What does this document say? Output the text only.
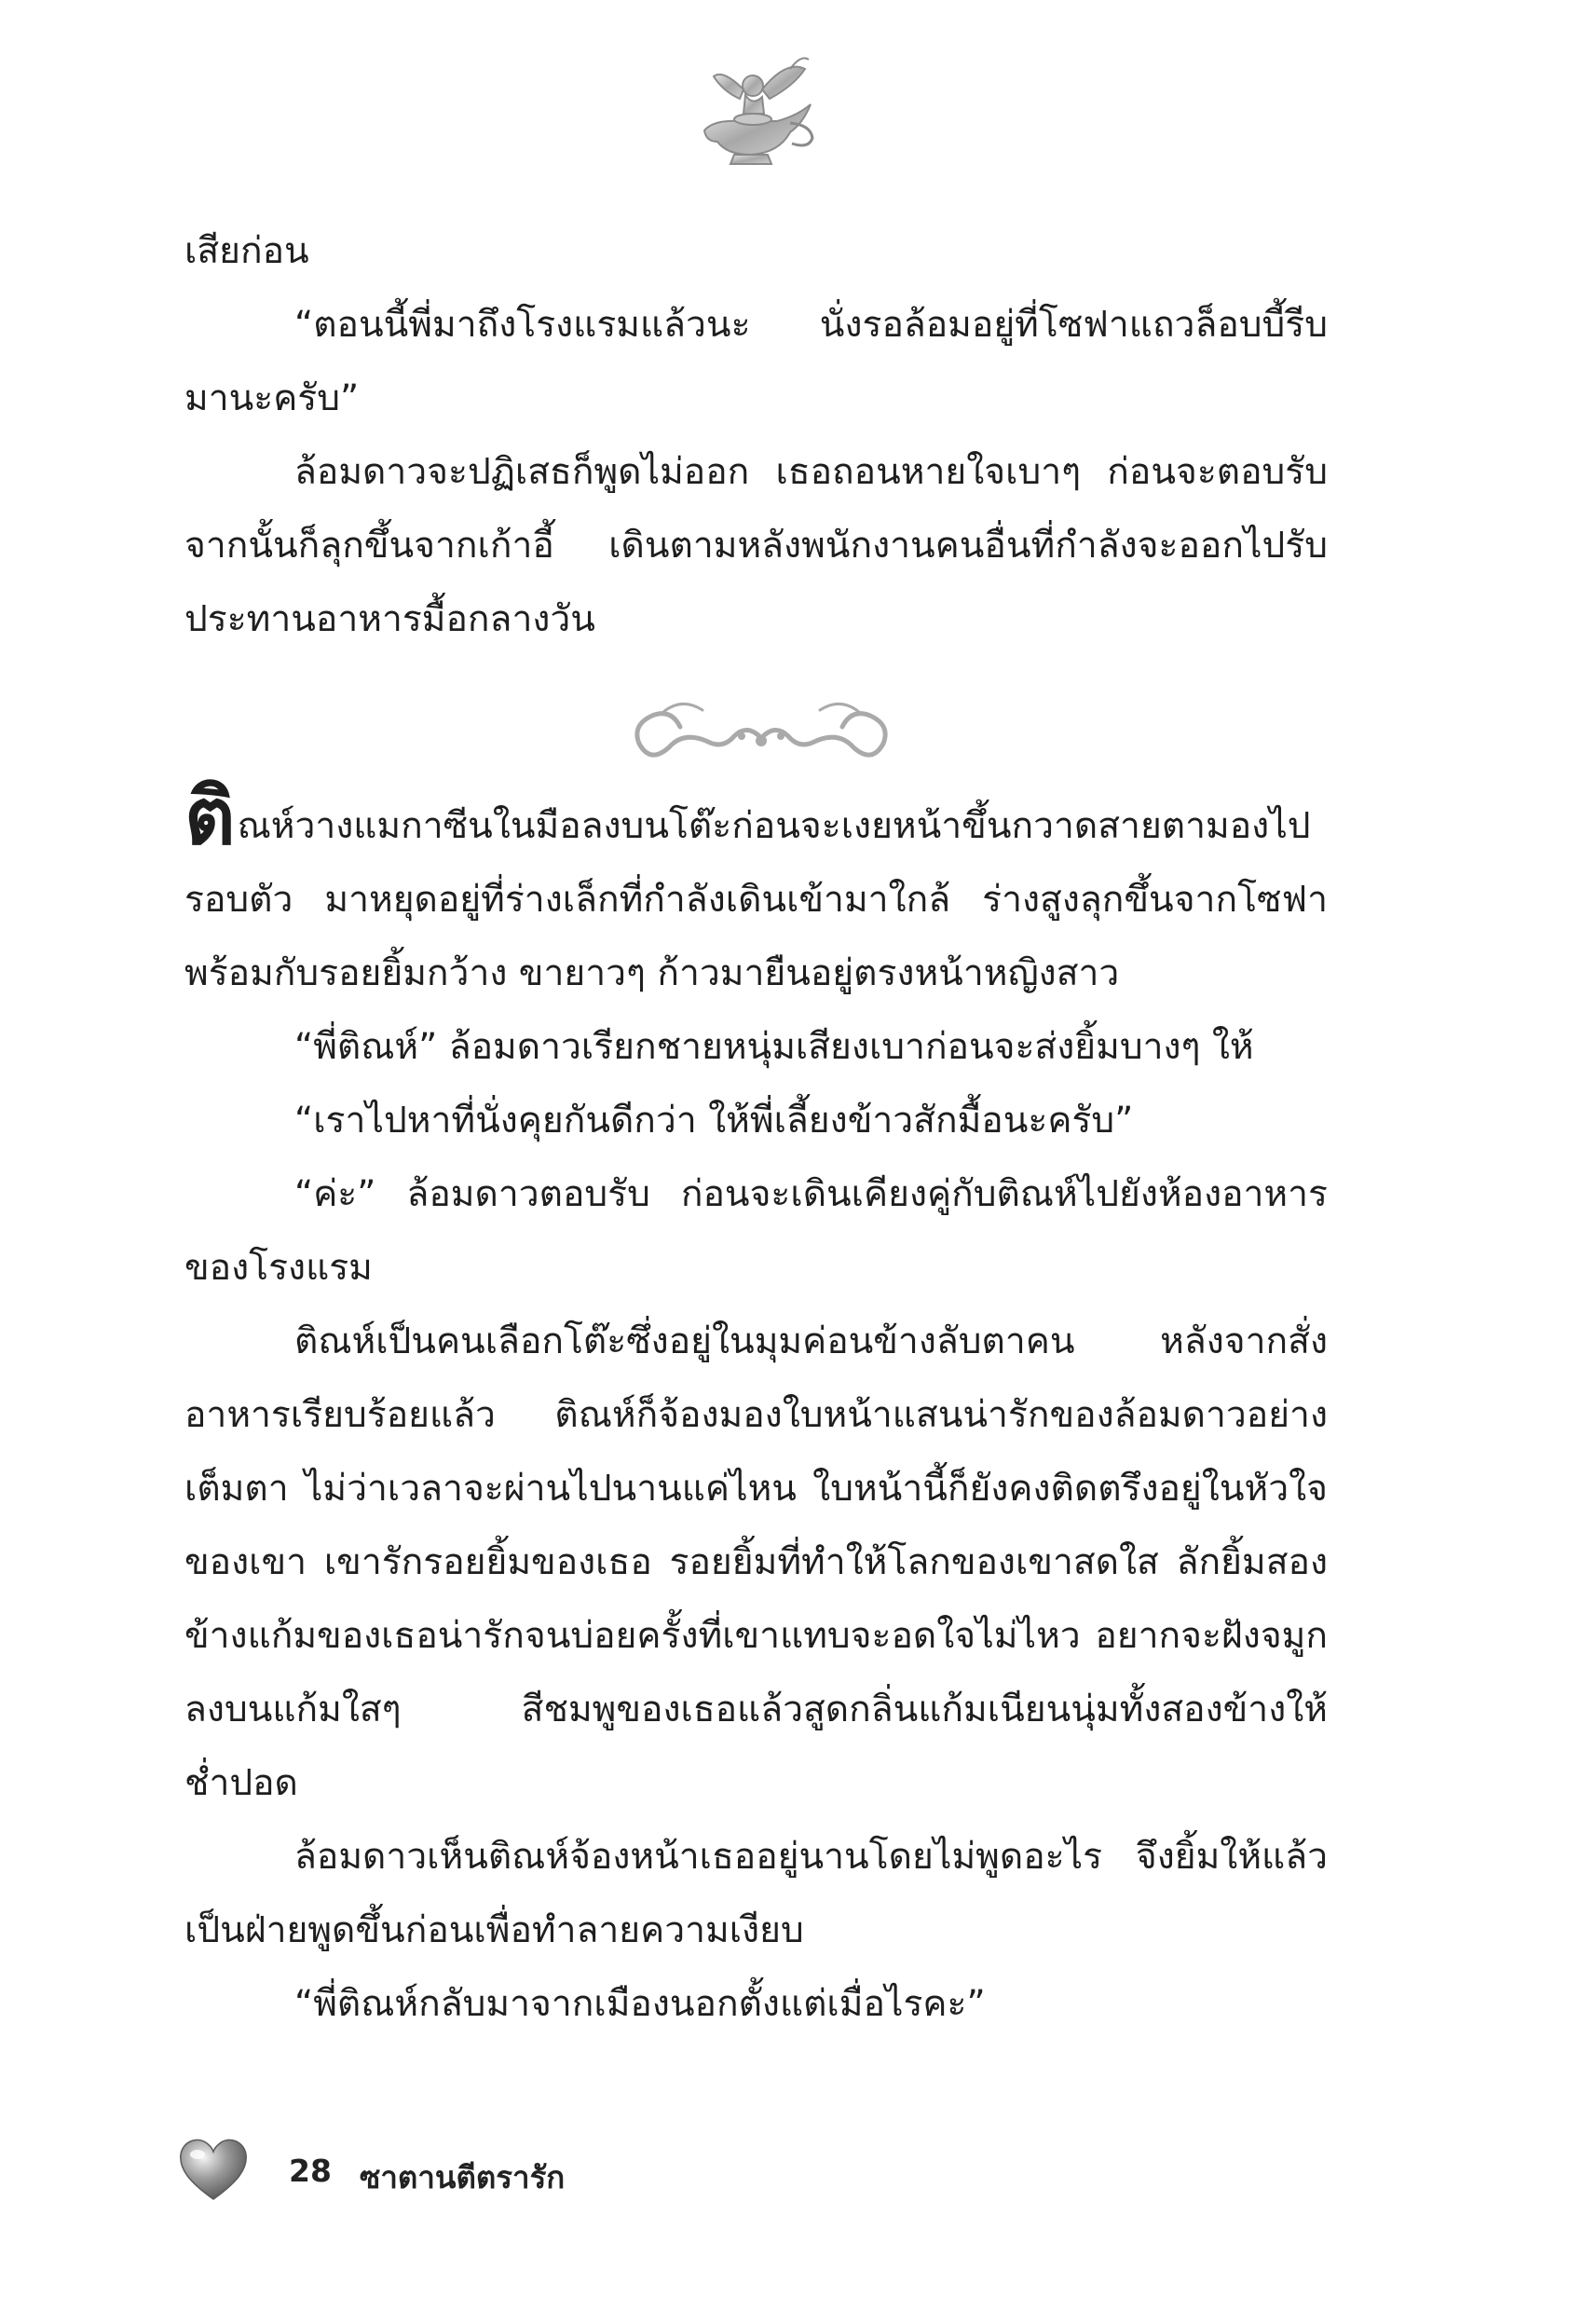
เสียก่อน

“ตอนนี้พี่มาถึงโรงแรมแล้วนะ นั่งรอล้อมอยู่ที่โซฟาแถวล็อบบี้รีบมานะครับ”

ล้อมดาวจะปฏิเสธก็พูดไม่ออก เธอถอนหายใจเบาๆ ก่อนจะตอบรับ จากนั้นก็ลุกขึ้นจากเก้าอี้ เดินตามหลังพนักงานคนอื่นที่กำลังจะออกไปรับประทานอาหารมื้อกลางวัน

ติณห์วางแมกาซีนในมือลงบนโต๊ะก่อนจะเงยหน้าขึ้นกวาดสายตามองไปรอบตัว มาหยุดอยู่ที่ร่างเล็กที่กำลังเดินเข้ามาใกล้ ร่างสูงลุกขึ้นจากโซฟาพร้อมกับรอยยิ้มกว้าง ขายาวๆ ก้าวมายืนอยู่ตรงหน้าหญิงสาว

“พี่ติณห์” ล้อมดาวเรียกชายหนุ่มเสียงเบาก่อนจะส่งยิ้มบางๆ ให้

“เราไปหาที่นั่งคุยกันดีกว่า ให้พี่เลี้ยงข้าวสักมื้อนะครับ”

“ค่ะ” ล้อมดาวตอบรับ ก่อนจะเดินเคียงคู่กับติณห์ไปยังห้องอาหารของโรงแรม

ติณห์เป็นคนเลือกโต๊ะซึ่งอยู่ในมุมค่อนข้างลับตาคน หลังจากสั่งอาหารเรียบร้อยแล้ว ติณห์ก็จ้องมองใบหน้าแสนน่ารักของล้อมดาวอย่างเต็มตา ไม่ว่าเวลาจะผ่านไปนานแค่ไหน ใบหน้านี้ก็ยังคงติดตรึงอยู่ในหัวใจของเขา เขารักรอยยิ้มของเธอ รอยยิ้มที่ทำให้โลกของเขาสดใส ลักยิ้มสองข้างแก้มของเธอน่ารักจนบ่อยครั้งที่เขาแทบจะอดใจไม่ไหว อยากจะฝังจมูกลงบนแก้มใสๆ สีชมพูของเธอแล้วสูดกลิ่นแก้มเนียนนุ่มทั้งสองข้างให้ช่ำปอด

ล้อมดาวเห็นติณห์จ้องหน้าเธออยู่นานโดยไม่พูดอะไร จึงยิ้มให้แล้วเป็นฝ่ายพูดขึ้นก่อนเพื่อทำลายความเงียบ

“พี่ติณห์กลับมาจากเมืองนอกตั้งแต่เมื่อไรคะ”

28 ซาตานตีตรารัก
